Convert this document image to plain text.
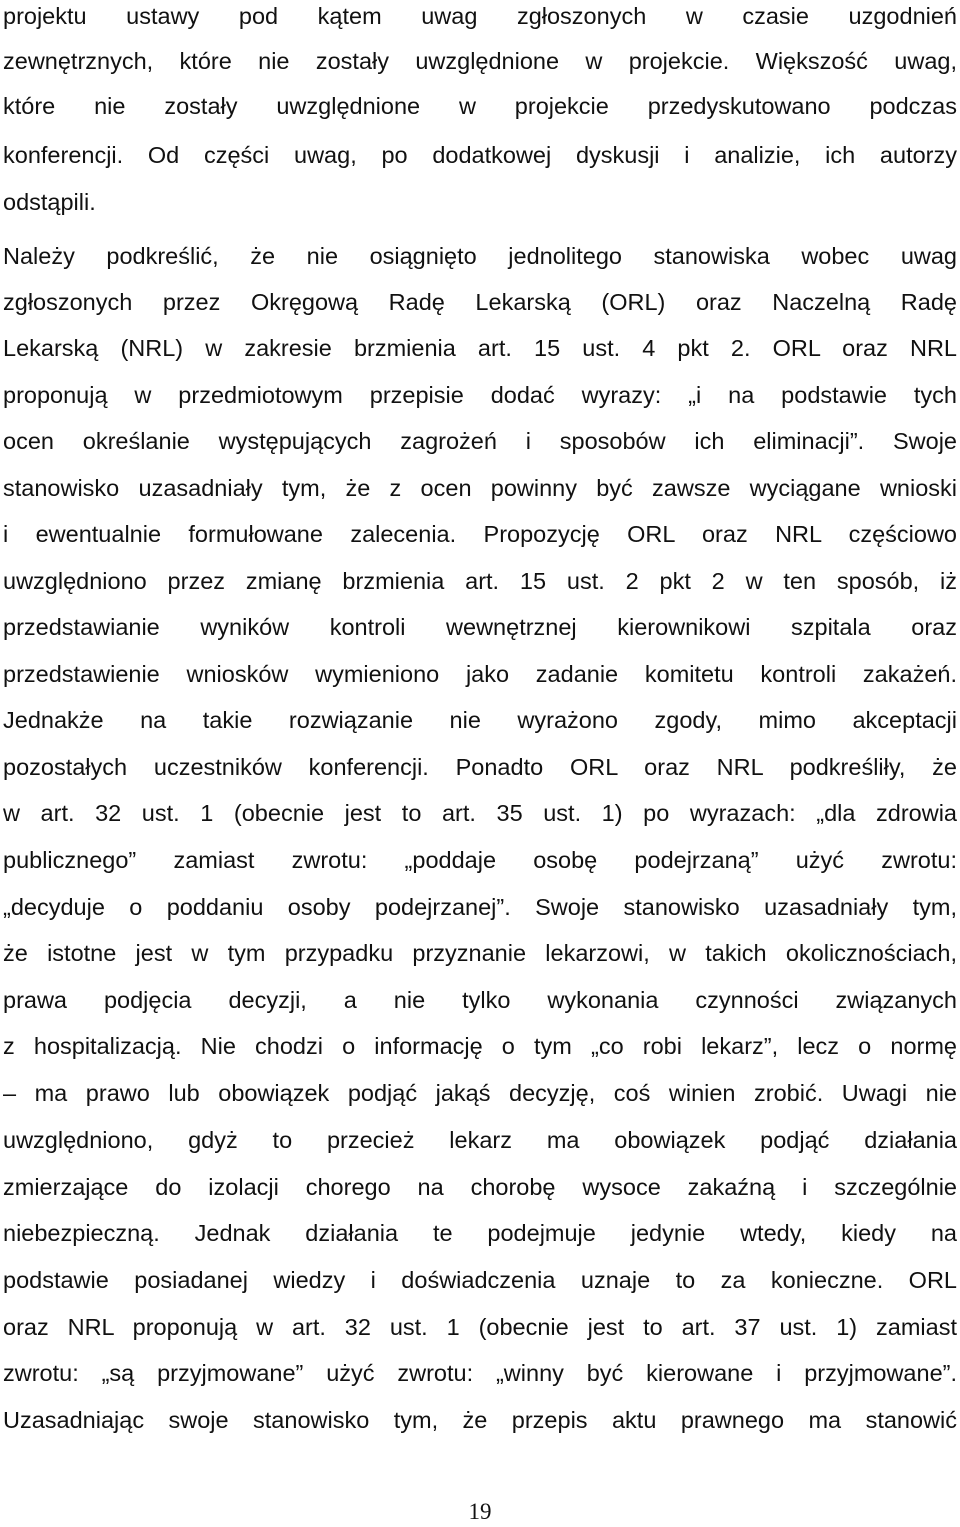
projektu ustawy pod kątem uwag zgłoszonych w czasie uzgodnień
zewnętrznych, które nie zostały uwzględnione w projekcie. Większość uwag,
które nie zostały uwzględnione w projekcie przedyskutowano podczas
konferencji. Od części uwag, po dodatkowej dyskusji i analizie, ich autorzy
odstąpili.
Należy podkreślić, że nie osiągnięto jednolitego stanowiska wobec uwag
zgłoszonych przez Okręgową Radę Lekarską (ORL) oraz Naczelną Radę
Lekarską (NRL) w zakresie brzmienia art. 15 ust. 4 pkt 2. ORL oraz NRL
proponują w przedmiotowym przepisie dodać wyrazy: „i na podstawie tych
ocen określanie występujących zagrożeń i sposobów ich eliminacji”. Swoje
stanowisko uzasadniały tym, że z ocen powinny być zawsze wyciągane wnioski
i ewentualnie formułowane zalecenia. Propozycję ORL oraz NRL częściowo
uwzględniono przez zmianę brzmienia art. 15 ust. 2 pkt 2 w ten sposób, iż
przedstawianie wyników kontroli wewnętrznej kierownikowi szpitala oraz
przedstawienie wniosków wymieniono jako zadanie komitetu kontroli zakażeń.
Jednakże na takie rozwiązanie nie wyrażono zgody, mimo akceptacji
pozostałych uczestników konferencji. Ponadto ORL oraz NRL podkreśliły, że
w art. 32 ust. 1 (obecnie jest to art. 35 ust. 1) po wyrazach: „dla zdrowia
publicznego” zamiast zwrotu: „poddaje osobę podejrzaną” użyć zwrotu:
„decyduje o poddaniu osoby podejrzanej”. Swoje stanowisko uzasadniały tym,
że istotne jest w tym przypadku przyznanie lekarzowi, w takich okolicznościach,
prawa podjęcia decyzji, a nie tylko wykonania czynności związanych
z hospitalizacją. Nie chodzi o informację o tym „co robi lekarz”, lecz o normę
– ma prawo lub obowiązek podjąć jakąś decyzję, coś winien zrobić. Uwagi nie
uwzględniono, gdyż to przecież lekarz ma obowiązek podjąć działania
zmierzające do izolacji chorego na chorobę wysoce zakaźną i szczególnie
niebezpieczną. Jednak działania te podejmuje jedynie wtedy, kiedy na
podstawie posiadanej wiedzy i doświadczenia uznaje to za konieczne. ORL
oraz NRL proponują w art. 32 ust. 1 (obecnie jest to art. 37 ust. 1) zamiast
zwrotu: „są przyjmowane” użyć zwrotu: „winny być kierowane i przyjmowane”.
Uzasadniając swoje stanowisko tym, że przepis aktu prawnego ma stanowić
19
